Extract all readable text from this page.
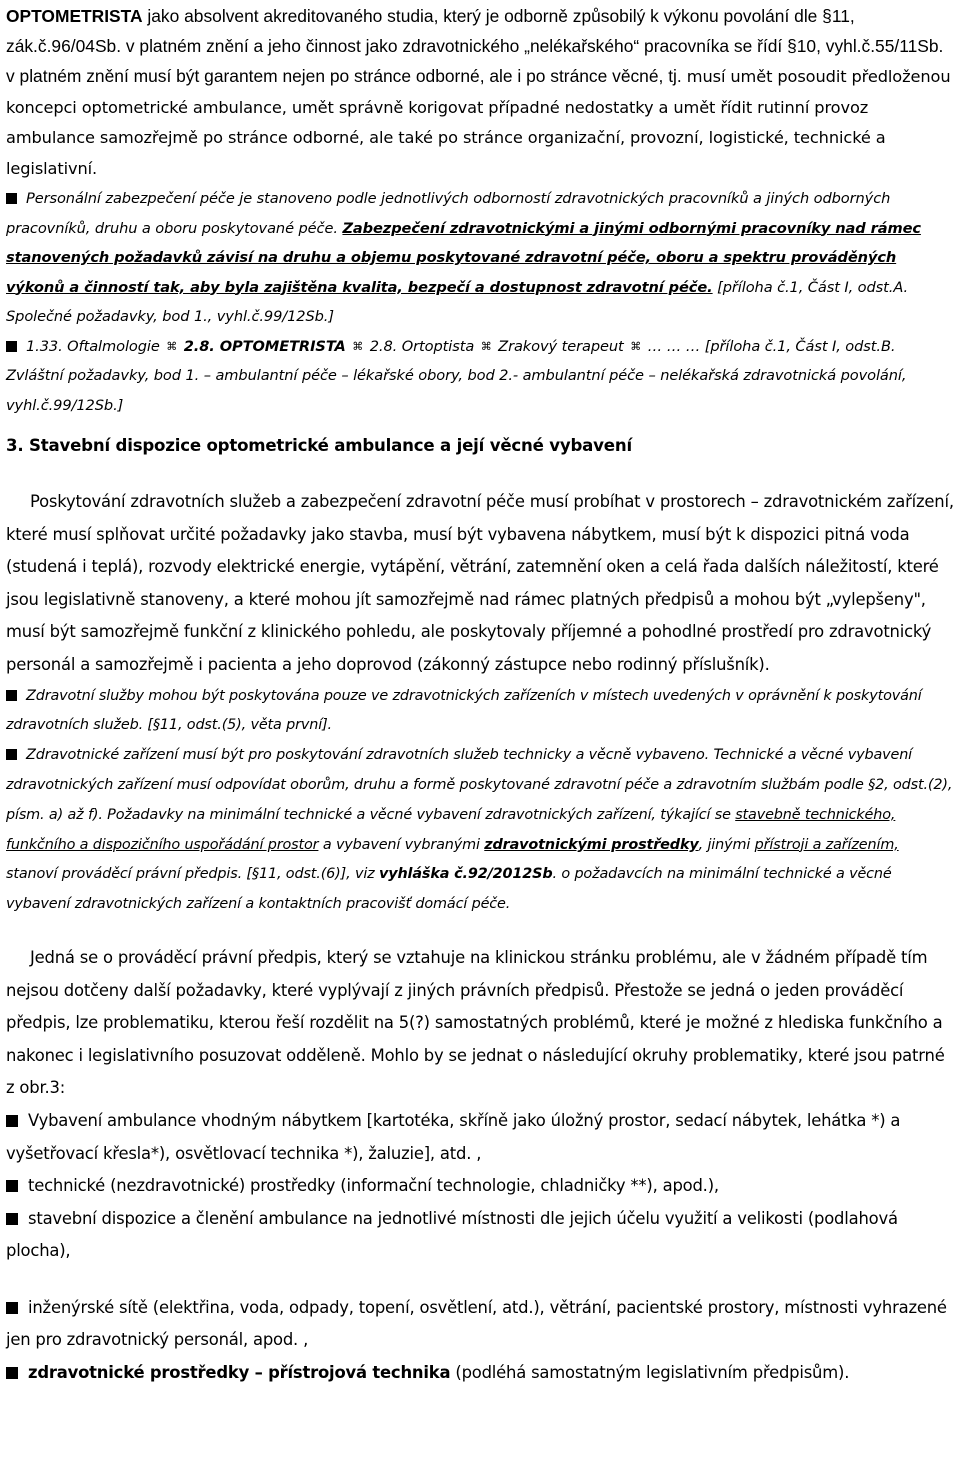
OPTOMETRISTA jako absolvent akreditovaného studia, který je odborně způsobilý k výkonu povolání dle §11, zák.č.96/04Sb. v platném znění a jeho činnost jako zdravotnického „nelékařského“ pracovníka se řídí §10, vyhl.č.55/11Sb. v platném znění musí být garantem nejen po stránce odborné, ale i po stránce věcné, tj. musí umět posoudit předloženou koncepci optometrické ambulance, umět správně korigovat případné nedostatky a umět řídit rutinní provoz ambulance samozřejmě po stránce odborné, ale také po stránce organizační, provozní, logistické, technické a legislativní.

Personální zabezpečení péče je stanoveno podle jednotlivých odborností zdravotnických pracovníků a jiných odborných pracovníků, druhu a oboru poskytované péče. Zabezpečení zdravotnickými a jinými odbornými pracovníky nad rámec stanovených požadavků závisí na druhu a objemu poskytované zdravotní péče, oboru a spektru prováděných výkonů a činností tak, aby byla zajištěna kvalita, bezpečí a dostupnost zdravotní péče. [příloha č.1, Část I, odst.A. Společné požadavky, bod 1., vyhl.č.99/12Sb.]

1.33. Oftalmologie ⌘ 2.8. OPTOMETRISTA ⌘ 2.8. Ortoptista ⌘ Zrakový terapeut ⌘ … … … [příloha č.1, Část I, odst.B. Zvláštní požadavky, bod 1. – ambulantní péče – lékařské obory, bod 2.- ambulantní péče – nelékařská zdravotnická povolání, vyhl.č.99/12Sb.]

3. Stavební dispozice optometrické ambulance a její věcné vybavení

Poskytování zdravotních služeb a zabezpečení zdravotní péče musí probíhat v prostorech – zdravotnickém zařízení, které musí splňovat určité požadavky jako stavba, musí být vybavena nábytkem, musí být k dispozici pitná voda (studená i teplá), rozvody elektrické energie, vytápění, větrání, zatemnění oken a celá řada dalších náležitostí, které jsou legislativně stanoveny, a které mohou jít samozřejmě nad rámec platných předpisů a mohou být „vylepšeny", musí být samozřejmě funkční z klinického pohledu, ale poskytovaly příjemné a pohodlné prostředí pro zdravotnický personál a samozřejmě i pacienta a jeho doprovod (zákonný zástupce nebo rodinný příslušník).

Zdravotní služby mohou být poskytována pouze ve zdravotnických zařízeních v místech uvedených v oprávnění k poskytování zdravotních služeb. [§11, odst.(5), věta první].

Zdravotnické zařízení musí být pro poskytování zdravotních služeb technicky a věcně vybaveno. Technické a věcné vybavení zdravotnických zařízení musí odpovídat oborům, druhu a formě poskytované zdravotní péče a zdravotním službám podle §2, odst.(2), písm. a) až f). Požadavky na minimální technické a věcné vybavení zdravotnických zařízení, týkající se stavebně technického, funkčního a dispozičního uspořádání prostor a vybavení vybranými zdravotnickými prostředky, jinými přístroji a zařízením, stanoví prováděcí právní předpis. [§11, odst.(6)], viz vyhláška č.92/2012Sb. o požadavcích na minimální technické a věcné vybavení zdravotnických zařízení a kontaktních pracovišť domácí péče.

Jedná se o prováděcí právní předpis, který se vztahuje na klinickou stránku problému, ale v žádném případě tím nejsou dotčeny další požadavky, které vyplývají z jiných právních předpisů. Přestože se jedná o jeden prováděcí předpis, lze problematiku, kterou řeší rozdělit na 5(?) samostatných problémů, které je možné z hlediska funkčního a nakonec i legislativního posuzovat odděleně. Mohlo by se jednat o následující okruhy problematiky, které jsou patrné z obr.3:

Vybavení ambulance vhodným nábytkem [kartotéka, skříně jako úložný prostor, sedací nábytek, lehátka *) a vyšetřovací křesla*), osvětlovací technika *), žaluzie], atd. ,

technické (nezdravotnické) prostředky (informační technologie, chladničky **), apod.),

stavební dispozice a členění ambulance na jednotlivé místnosti dle jejich účelu využití a velikosti (podlahová plocha),

inženýrské sítě (elektřina, voda, odpady, topení, osvětlení, atd.), větrání, pacientské prostory, místnosti vyhrazené jen pro zdravotnický personál, apod. ,

zdravotnické prostředky – přístrojová technika (podléhá samostatným legislativním předpisům).
